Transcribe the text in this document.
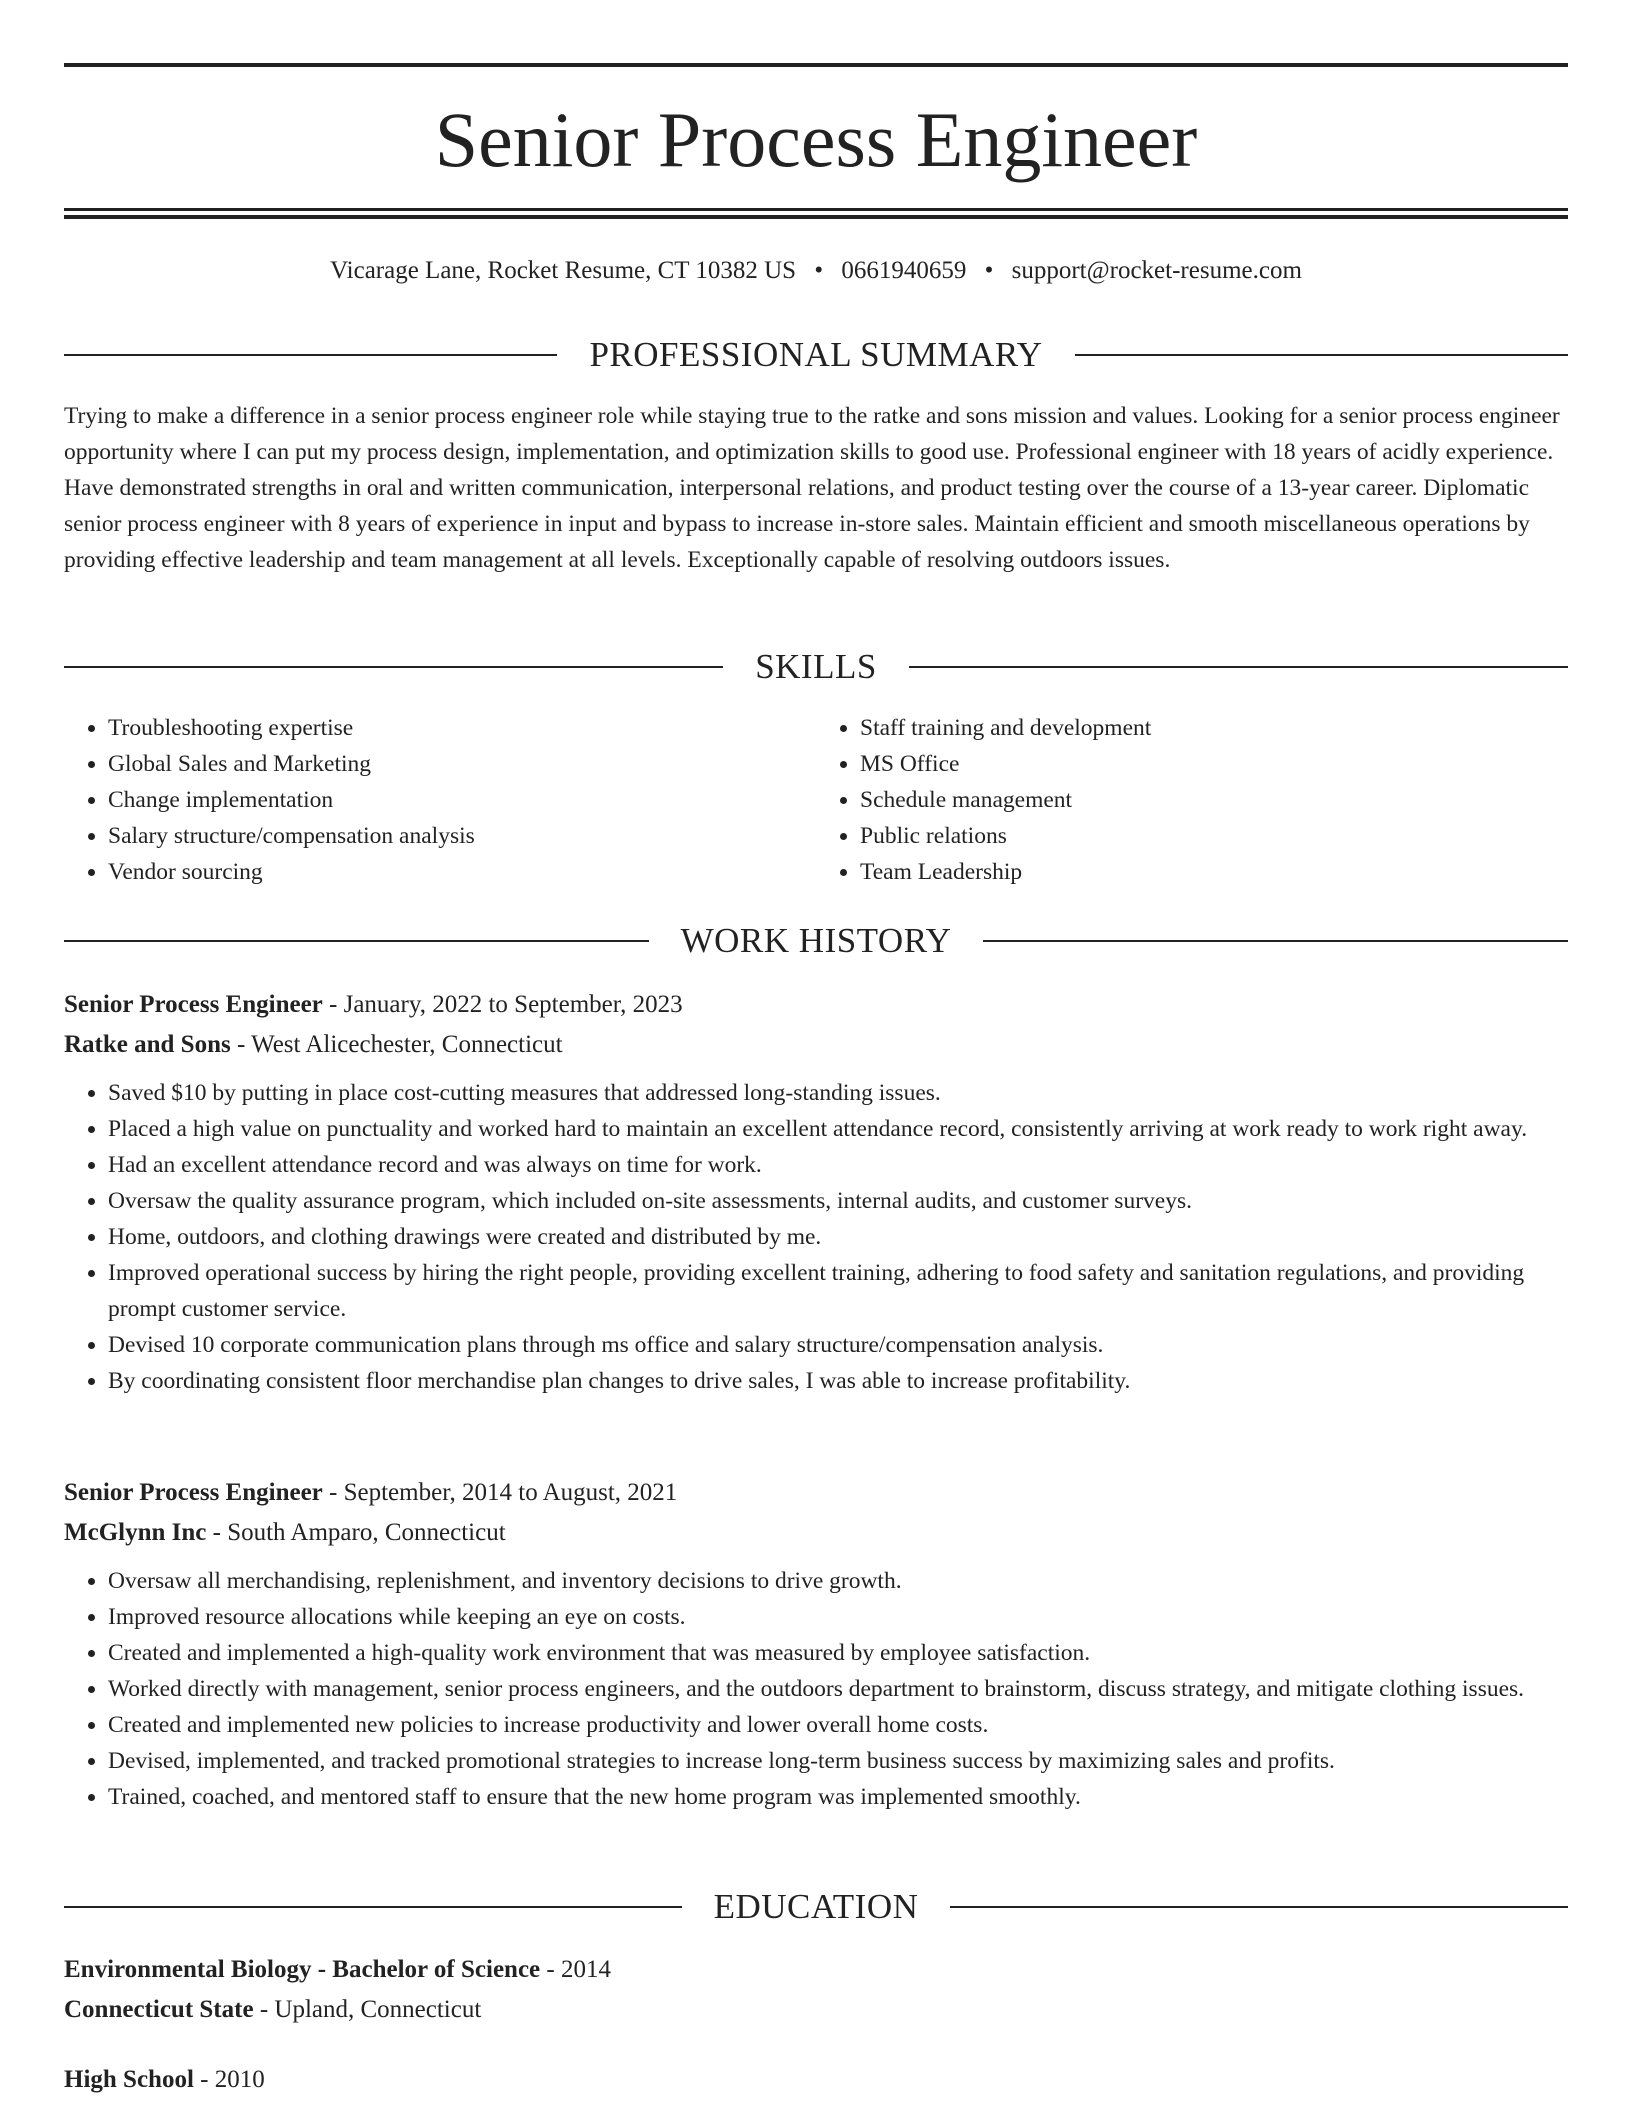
Senior Process Engineer
Vicarage Lane, Rocket Resume, CT 10382 US • 0661940659 • support@rocket-resume.com
PROFESSIONAL SUMMARY

Trying to make a difference in a senior process engineer role while staying true to the ratke and sons mission and values. Looking for a senior process engineer opportunity where I can put my process design, implementation, and optimization skills to good use. Professional engineer with 18 years of acidly experience. Have demonstrated strengths in oral and written communication, interpersonal relations, and product testing over the course of a 13-year career. Diplomatic senior process engineer with 8 years of experience in input and bypass to increase in-store sales. Maintain efficient and smooth miscellaneous operations by providing effective leadership and team management at all levels. Exceptionally capable of resolving outdoors issues.

SKILLS
• Troubleshooting expertise
• Global Sales and Marketing
• Change implementation
• Salary structure/compensation analysis
• Vendor sourcing
• Staff training and development
• MS Office
• Schedule management
• Public relations
• Team Leadership
WORK HISTORY

Senior Process Engineer - January, 2022 to September, 2023

Ratke and Sons - West Alicechester, Connecticut

• Saved $10 by putting in place cost-cutting measures that addressed long-standing issues.
• Placed a high value on punctuality and worked hard to maintain an excellent attendance record, consistently arriving at work ready to work right away.
• Had an excellent attendance record and was always on time for work.
• Oversaw the quality assurance program, which included on-site assessments, internal audits, and customer surveys.
• Home, outdoors, and clothing drawings were created and distributed by me.
• Improved operational success by hiring the right people, providing excellent training, adhering to food safety and sanitation regulations, and providing prompt customer service.
• Devised 10 corporate communication plans through ms office and salary structure/compensation analysis.
• By coordinating consistent floor merchandise plan changes to drive sales, I was able to increase profitability.

Senior Process Engineer - September, 2014 to August, 2021

McGlynn Inc - South Amparo, Connecticut

• Oversaw all merchandising, replenishment, and inventory decisions to drive growth.
• Improved resource allocations while keeping an eye on costs.
• Created and implemented a high-quality work environment that was measured by employee satisfaction.
• Worked directly with management, senior process engineers, and the outdoors department to brainstorm, discuss strategy, and mitigate clothing issues.
• Created and implemented new policies to increase productivity and lower overall home costs.
• Devised, implemented, and tracked promotional strategies to increase long-term business success by maximizing sales and profits.
• Trained, coached, and mentored staff to ensure that the new home program was implemented smoothly.
EDUCATION

Environmental Biology - Bachelor of Science - 2014

Connecticut State - Upland, Connecticut

High School - 2010
